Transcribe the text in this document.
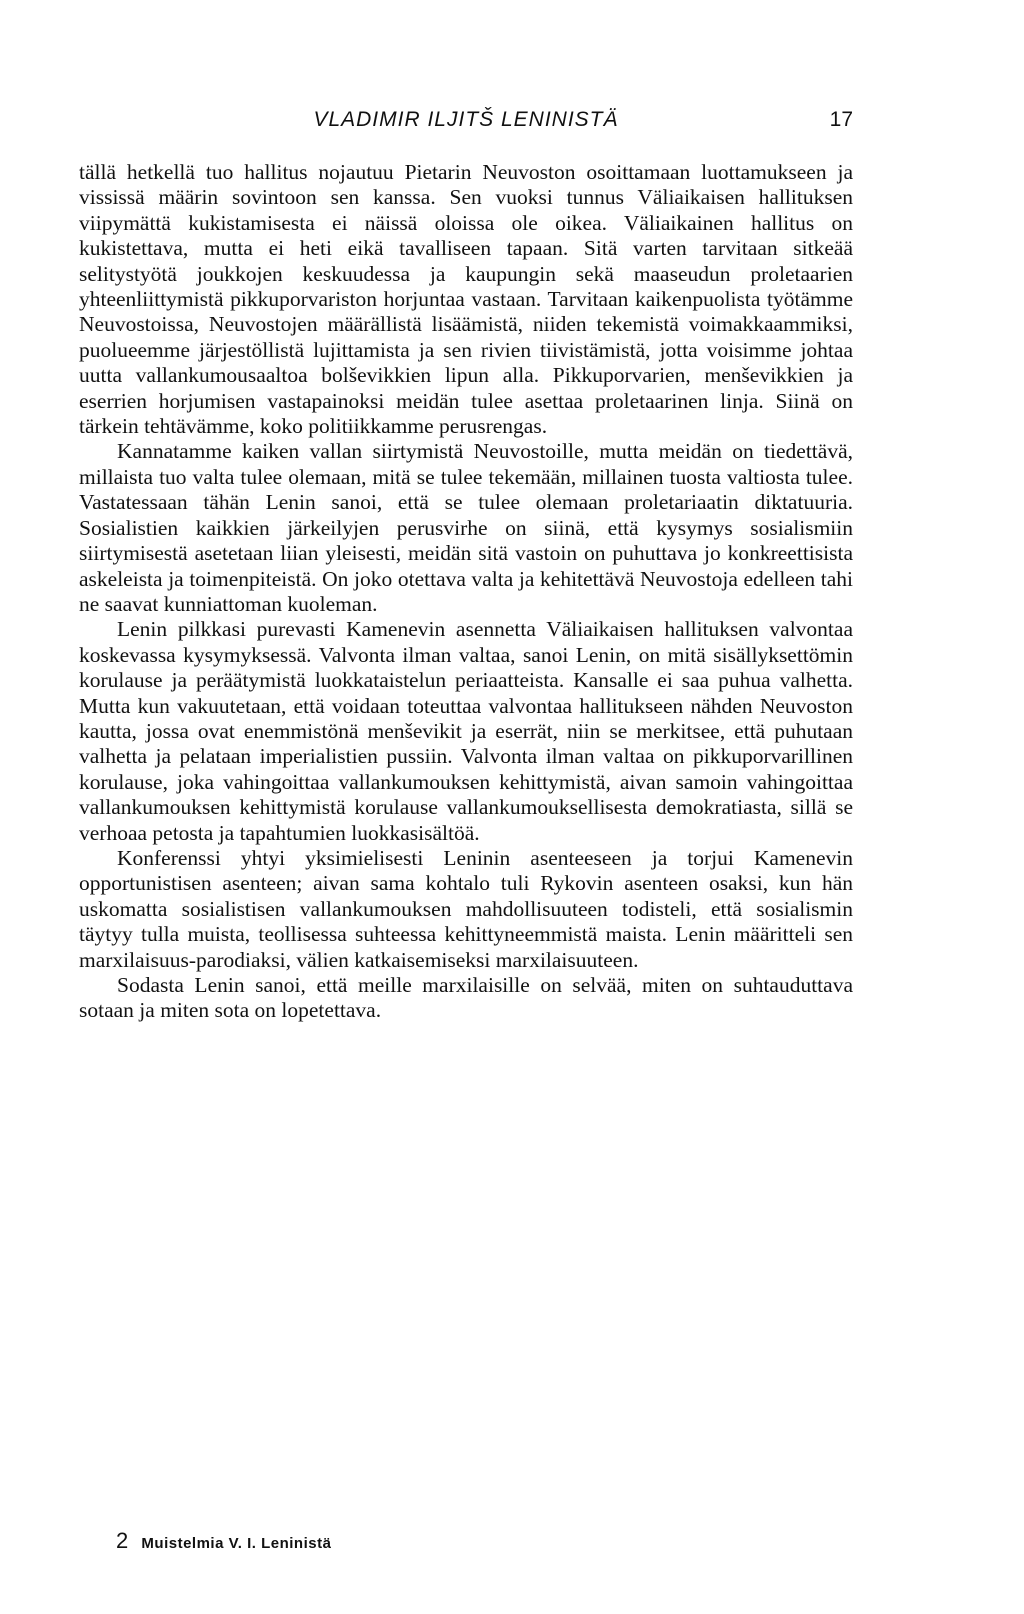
VLADIMIR ILJITŠ LENINISTÄ	17

tällä hetkellä tuo hallitus nojautuu Pietarin Neuvoston osoittamaan luottamukseen ja vississä määrin sovintoon sen kanssa. Sen vuoksi tunnus Väliaikaisen hallituksen viipymättä kukistamisesta ei näissä oloissa ole oikea. Väliaikainen hallitus on kukistettava, mutta ei heti eikä tavalliseen tapaan. Sitä varten tarvitaan sitkeää selitystyötä joukkojen keskuudessa ja kaupungin sekä maaseudun proletaarien yhteenliittymistä pikkuporvariston horjuntaa vastaan. Tarvitaan kaikenpuolista työtämme Neuvostoissa, Neuvostojen määrällistä lisäämistä, niiden tekemistä voimakkaammiksi, puolueemme järjestöllistä lujittamista ja sen rivien tiivistämistä, jotta voisimme johtaa uutta vallankumousaaltoa bolševikkien lipun alla. Pikkuporvarien, menševikkien ja eserrien horjumisen vastapainoksi meidän tulee asettaa proletaarinen linja. Siinä on tärkein tehtävämme, koko politiikkamme perusrengas.

Kannatamme kaiken vallan siirtymistä Neuvostoille, mutta meidän on tiedettävä, millaista tuo valta tulee olemaan, mitä se tulee tekemään, millainen tuosta valtiosta tulee. Vastatessaan tähän Lenin sanoi, että se tulee olemaan proletariaatin diktatuuria. Sosialistien kaikkien järkeilyjen perusvirhe on siinä, että kysymys sosialismiin siirtymisestä asetetaan liian yleisesti, meidän sitä vastoin on puhuttava jo konkreettisista askeleista ja toimenpiteistä. On joko otettava valta ja kehitettävä Neuvostoja edelleen tahi ne saavat kunniattoman kuoleman.

Lenin pilkkasi purevasti Kamenevin asennetta Väliaikaisen hallituksen valvontaa koskevassa kysymyksessä. Valvonta ilman valtaa, sanoi Lenin, on mitä sisällyksettömin korulause ja peräätymistä luokkataistelun periaatteista. Kansalle ei saa puhua valhetta. Mutta kun vakuutetaan, että voidaan toteuttaa valvontaa hallitukseen nähden Neuvoston kautta, jossa ovat enemmistönä menševikit ja eserrät, niin se merkitsee, että puhutaan valhetta ja pelataan imperialistien pussiin. Valvonta ilman valtaa on pikkuporvarillinen korulause, joka vahingoittaa vallankumouksen kehittymistä, aivan samoin vahingoittaa vallankumouksen kehittymistä korulause vallankumouksellisesta demokratiasta, sillä se verhoaa petosta ja tapahtumien luokkasisältöä.

Konferenssi yhtyi yksimielisesti Leninin asenteeseen ja torjui Kamenevin opportunistisen asenteen; aivan sama kohtalo tuli Rykovin asenteen osaksi, kun hän uskomatta sosialistisen vallankumouksen mahdollisuuteen todisteli, että sosialismin täytyy tulla muista, teollisessa suhteessa kehittyneemmistä maista. Lenin määritteli sen marxilaisuus-parodiaksi, välien katkaisemiseksi marxilaisuuteen.

Sodasta Lenin sanoi, että meille marxilaisille on selvää, miten on suhtauduttava sotaan ja miten sota on lopetettava.

2 Muistelmia V. I. Leninistä
